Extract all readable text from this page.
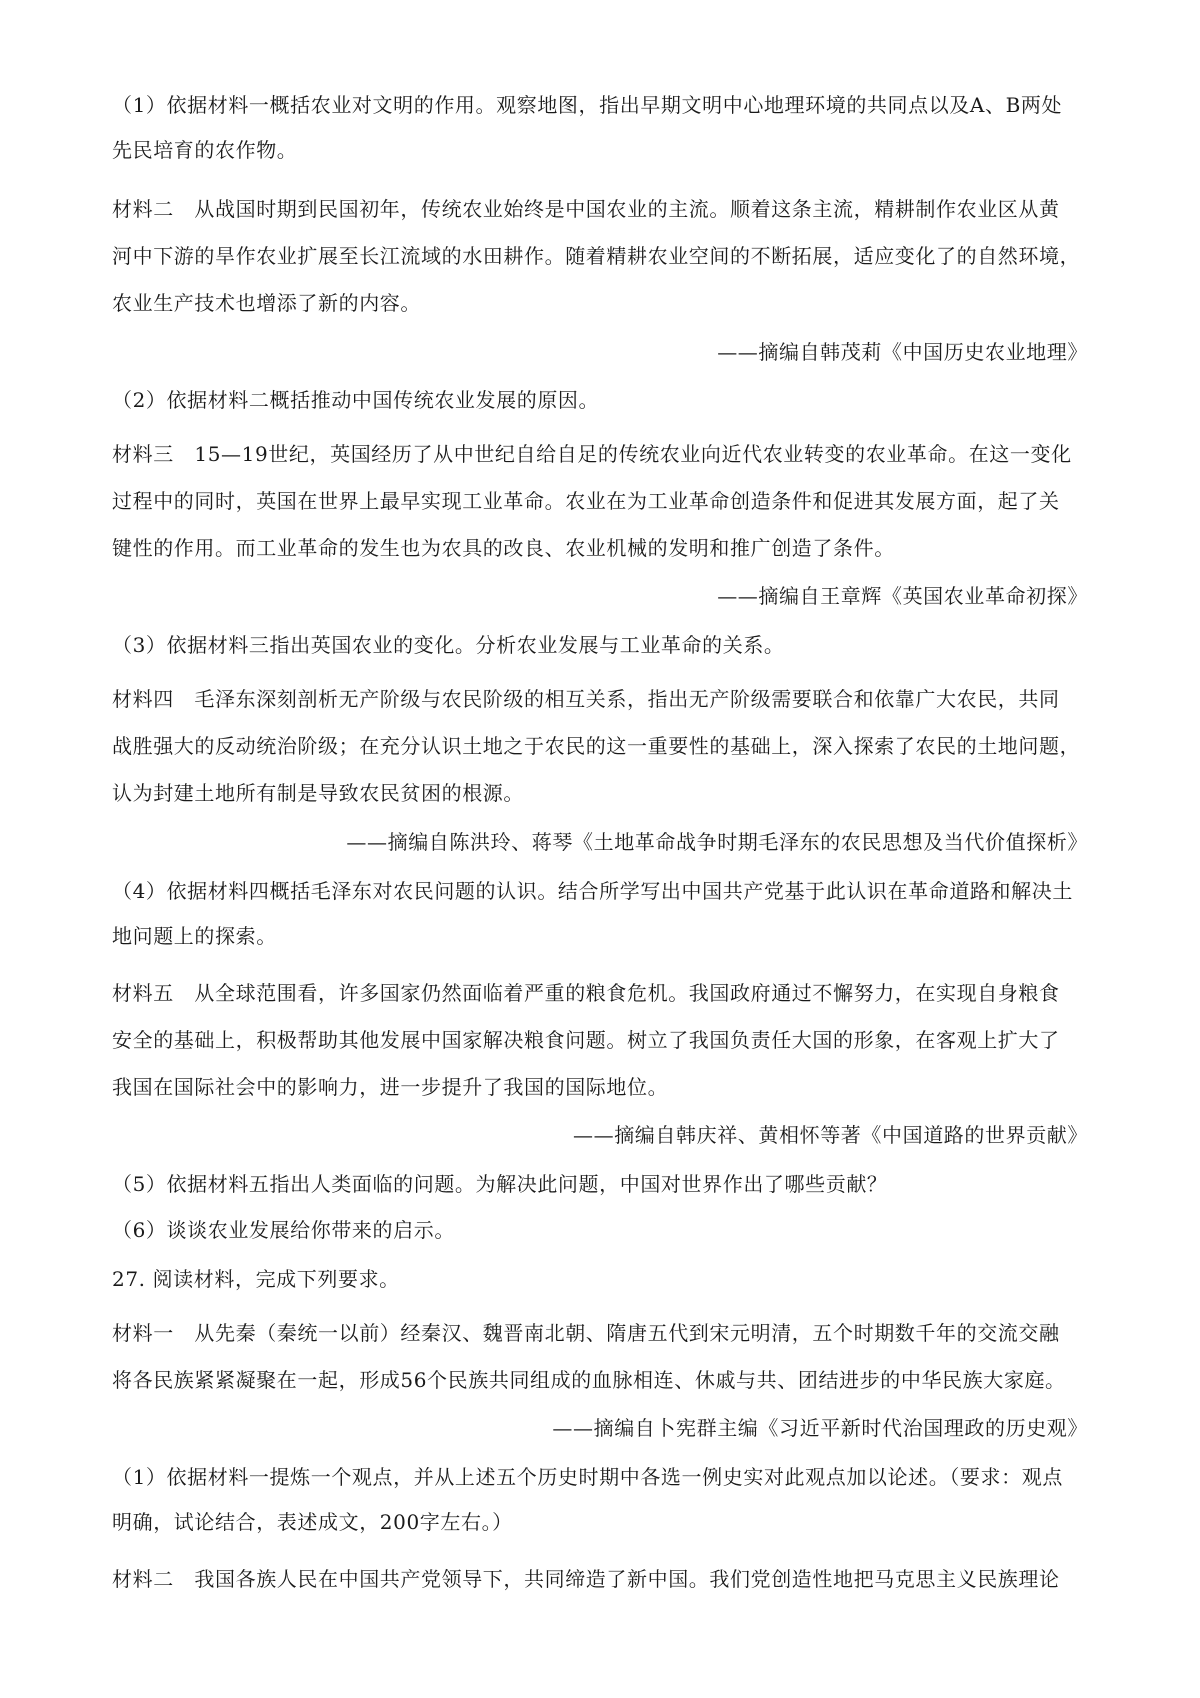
（1）依据材料一概括农业对文明的作用。观察地图，指出早期文明中心地理环境的共同点以及A、B两处
先民培育的农作物。
材料二　从战国时期到民国初年，传统农业始终是中国农业的主流。顺着这条主流，精耕制作农业区从黄
河中下游的旱作农业扩展至长江流域的水田耕作。随着精耕农业空间的不断拓展，适应变化了的自然环境，
农业生产技术也增添了新的内容。
——摘编自韩茂莉《中国历史农业地理》
（2）依据材料二概括推动中国传统农业发展的原因。
材料三　15—19世纪，英国经历了从中世纪自给自足的传统农业向近代农业转变的农业革命。在这一变化
过程中的同时，英国在世界上最早实现工业革命。农业在为工业革命创造条件和促进其发展方面，起了关
键性的作用。而工业革命的发生也为农具的改良、农业机械的发明和推广创造了条件。
——摘编自王章辉《英国农业革命初探》
（3）依据材料三指出英国农业的变化。分析农业发展与工业革命的关系。
材料四　毛泽东深刻剖析无产阶级与农民阶级的相互关系，指出无产阶级需要联合和依靠广大农民，共同
战胜强大的反动统治阶级；在充分认识土地之于农民的这一重要性的基础上，深入探索了农民的土地问题，
认为封建土地所有制是导致农民贫困的根源。
——摘编自陈洪玲、蒋琴《土地革命战争时期毛泽东的农民思想及当代价值探析》
（4）依据材料四概括毛泽东对农民问题的认识。结合所学写出中国共产党基于此认识在革命道路和解决土
地问题上的探索。
材料五　从全球范围看，许多国家仍然面临着严重的粮食危机。我国政府通过不懈努力，在实现自身粮食
安全的基础上，积极帮助其他发展中国家解决粮食问题。树立了我国负责任大国的形象，在客观上扩大了
我国在国际社会中的影响力，进一步提升了我国的国际地位。
——摘编自韩庆祥、黄相怀等著《中国道路的世界贡献》
（5）依据材料五指出人类面临的问题。为解决此问题，中国对世界作出了哪些贡献？
（6）谈谈农业发展给你带来的启示。
27. 阅读材料，完成下列要求。
材料一　从先秦（秦统一以前）经秦汉、魏晋南北朝、隋唐五代到宋元明清，五个时期数千年的交流交融
将各民族紧紧凝聚在一起，形成56个民族共同组成的血脉相连、休戚与共、团结进步的中华民族大家庭。
——摘编自卜宪群主编《习近平新时代治国理政的历史观》
（1）依据材料一提炼一个观点，并从上述五个历史时期中各选一例史实对此观点加以论述。（要求：观点
明确，试论结合，表述成文，200字左右。）
材料二　我国各族人民在中国共产党领导下，共同缔造了新中国。我们党创造性地把马克思主义民族理论
